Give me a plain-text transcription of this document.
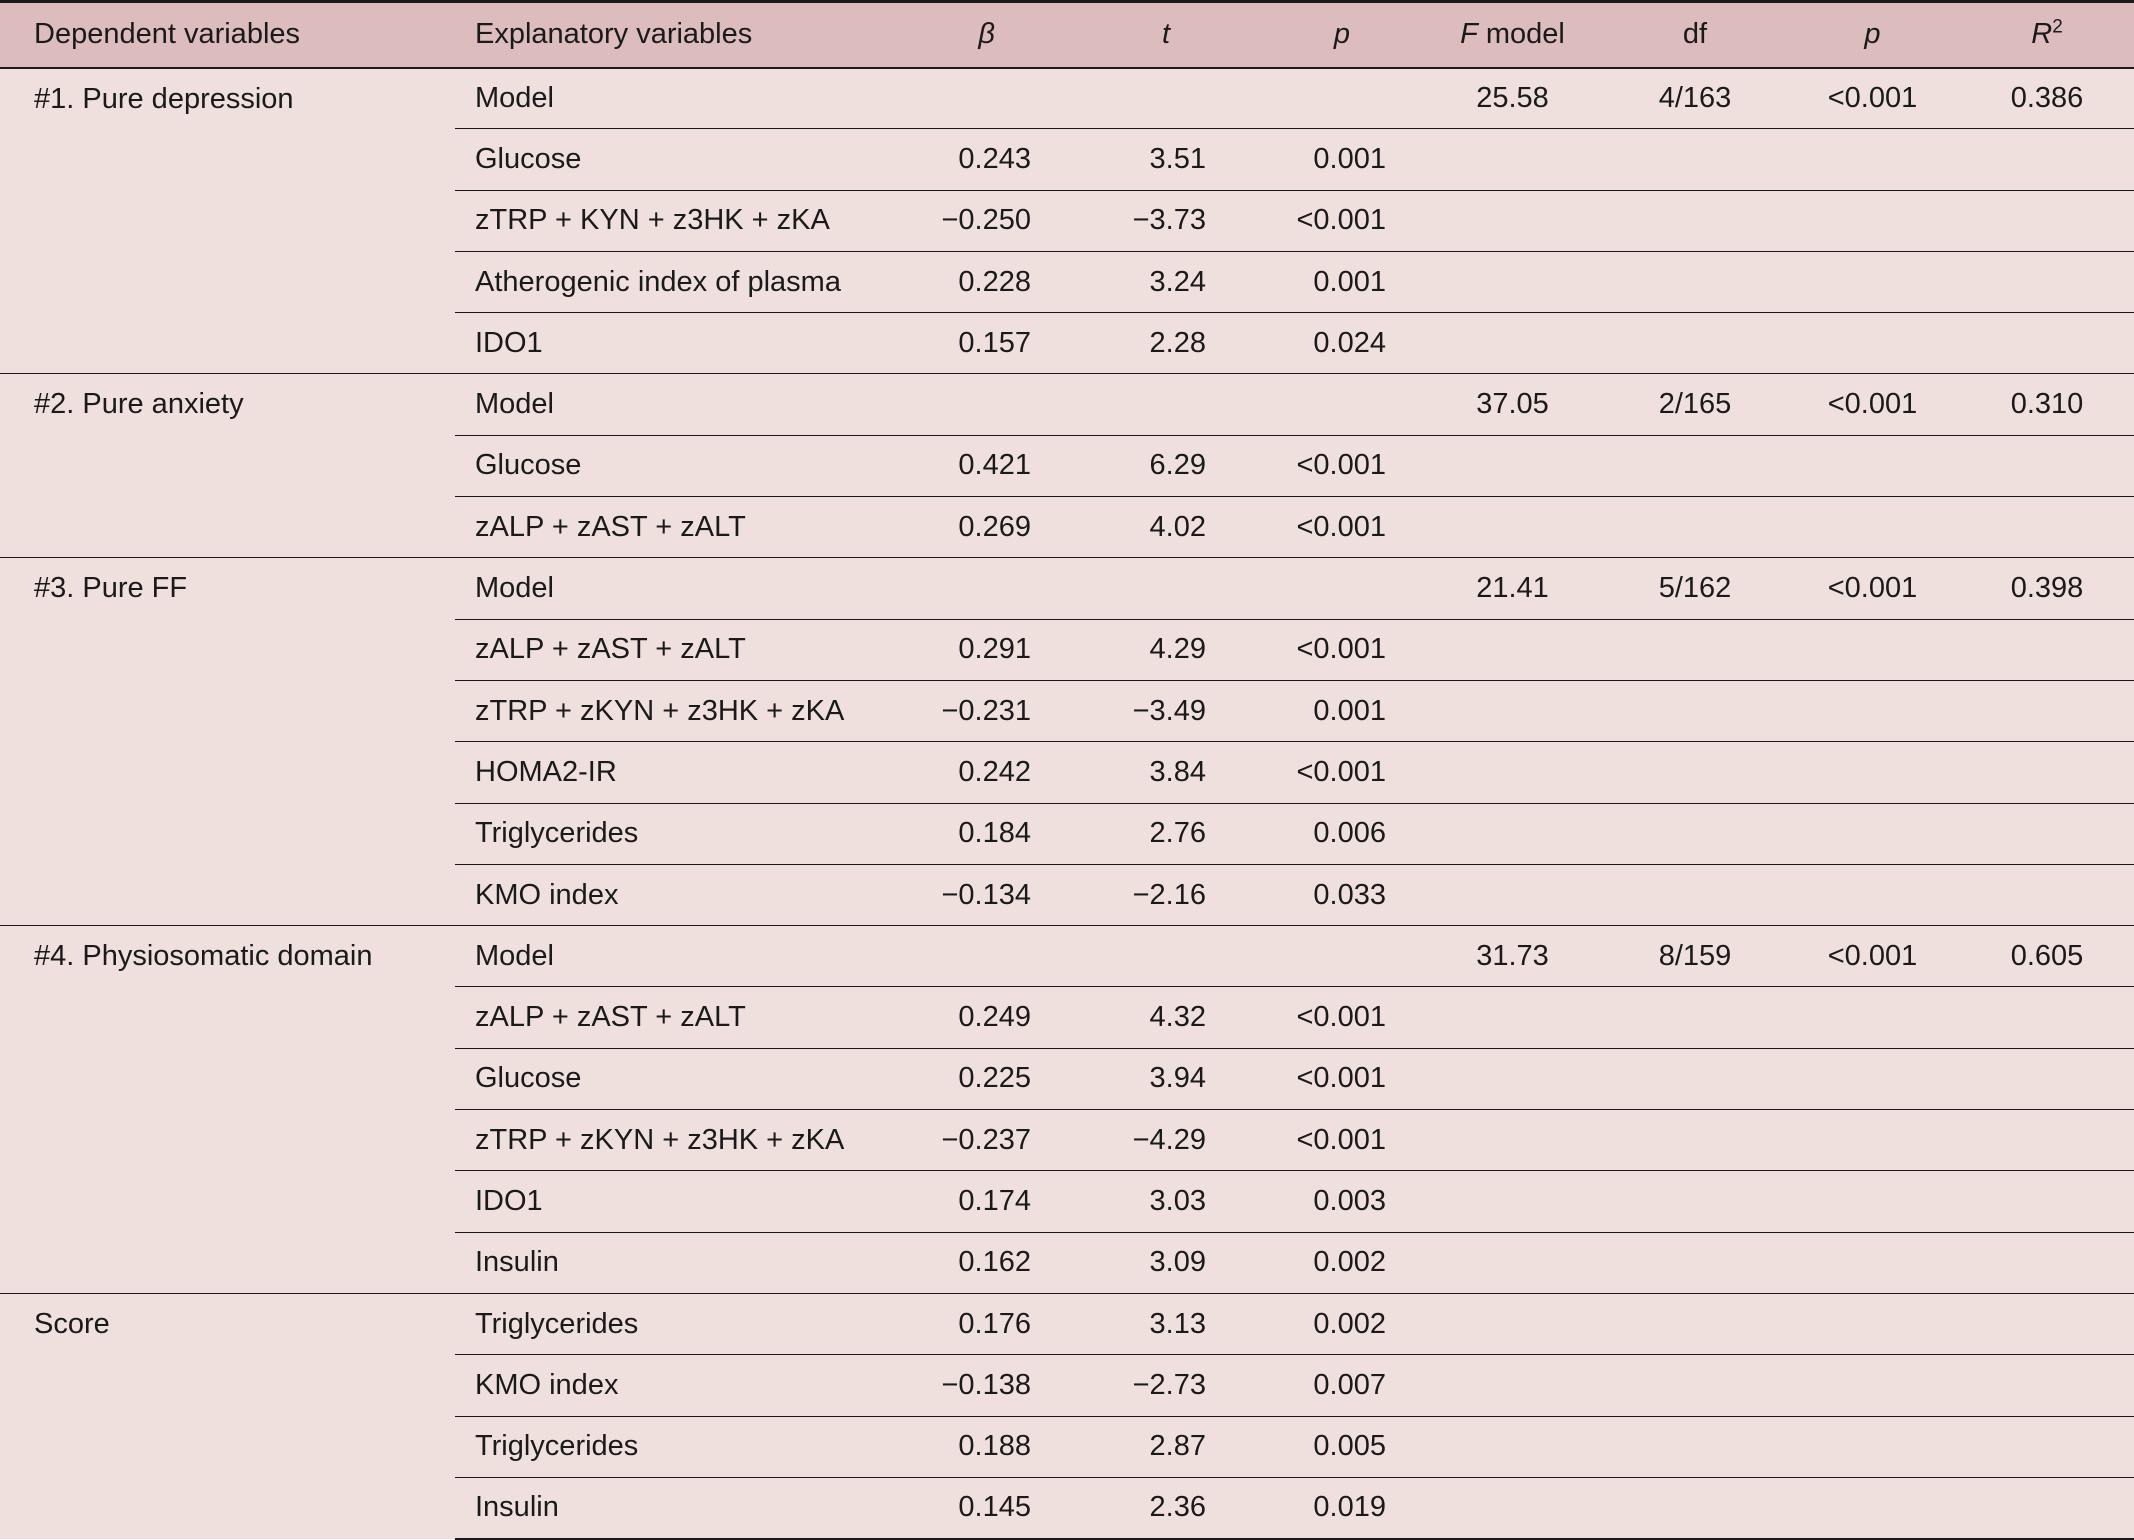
Dependent variables	Explanatory variables	β	t	p	F model	df	p	$R^2$
#1. Pure depression	Model				25.58	4/163	<0.001	0.386
	Glucose	0.243	3.51	0.001				
	zTRP + KYN + z3HK + zKA	−0.250	−3.73	<0.001				
	Atherogenic index of plasma	0.228	3.24	0.001				
	IDO1	0.157	2.28	0.024				
#2. Pure anxiety	Model				37.05	2/165	<0.001	0.310
	Glucose	0.421	6.29	<0.001				
	zALP + zAST + zALT	0.269	4.02	<0.001				
#3. Pure FF	Model				21.41	5/162	<0.001	0.398
	zALP + zAST + zALT	0.291	4.29	<0.001				
	zTRP + zKYN + z3HK + zKA	−0.231	−3.49	0.001				
	HOMA2-IR	0.242	3.84	<0.001				
	Triglycerides	0.184	2.76	0.006				
	KMO index	−0.134	−2.16	0.033				
#4. Physiosomatic domain	Model				31.73	8/159	<0.001	0.605
	zALP + zAST + zALT	0.249	4.32	<0.001				
	Glucose	0.225	3.94	<0.001				
	zTRP + zKYN + z3HK + zKA	−0.237	−4.29	<0.001				
	IDO1	0.174	3.03	0.003				
	Insulin	0.162	3.09	0.002				
Score	Triglycerides	0.176	3.13	0.002				
	KMO index	−0.138	−2.73	0.007				
	Triglycerides	0.188	2.87	0.005				
	Insulin	0.145	2.36	0.019				
